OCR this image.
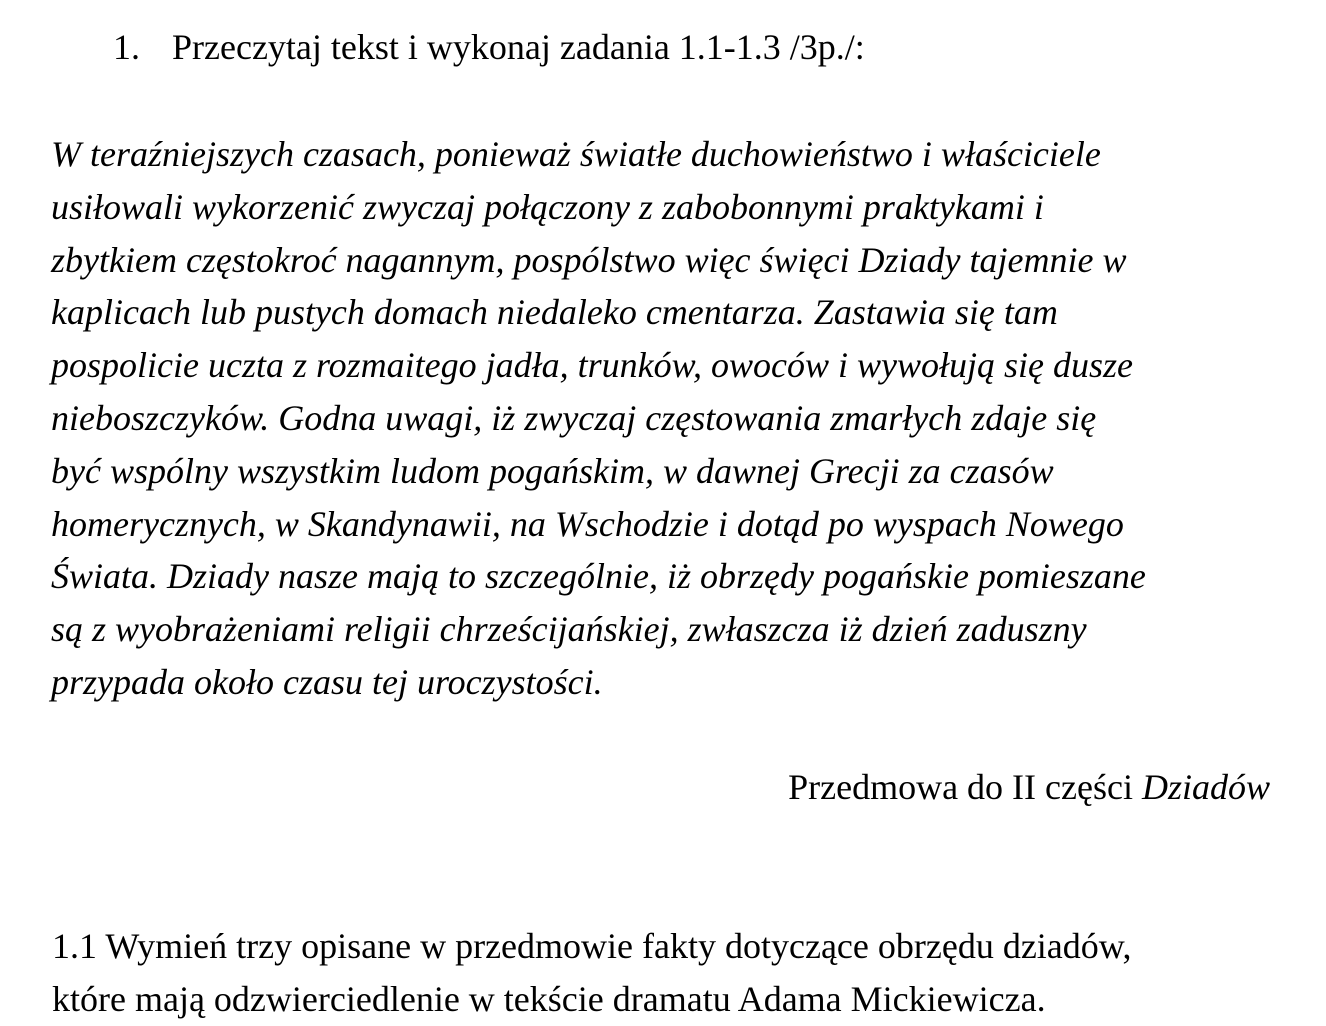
1. Przeczytaj tekst i wykonaj zadania 1.1-1.3 /3p./:
W teraźniejszych czasach, ponieważ światłe duchowieństwo i właściciele
usiłowali wykorzenić zwyczaj połączony z zabobonnymi praktykami i
zbytkiem częstokroć nagannym, pospólstwo więc święci Dziady tajemnie w
kaplicach lub pustych domach niedaleko cmentarza. Zastawia się tam
pospolicie uczta z rozmaitego jadła, trunków, owoców i wywołują się dusze
nieboszczyków. Godna uwagi, iż zwyczaj częstowania zmarłych zdaje się
być wspólny wszystkim ludom pogańskim, w dawnej Grecji za czasów
homerycznych, w Skandynawii, na Wschodzie i dotąd po wyspach Nowego
Świata. Dziady nasze mają to szczególnie, iż obrzędy pogańskie pomieszane
są z wyobrażeniami religii chrześcijańskiej, zwłaszcza iż dzień zaduszny
przypada około czasu tej uroczystości.
Przedmowa do II części Dziadów
1.1 Wymień trzy opisane w przedmowie fakty dotyczące obrzędu dziadów,
które mają odzwierciedlenie w tekście dramatu Adama Mickiewicza.
